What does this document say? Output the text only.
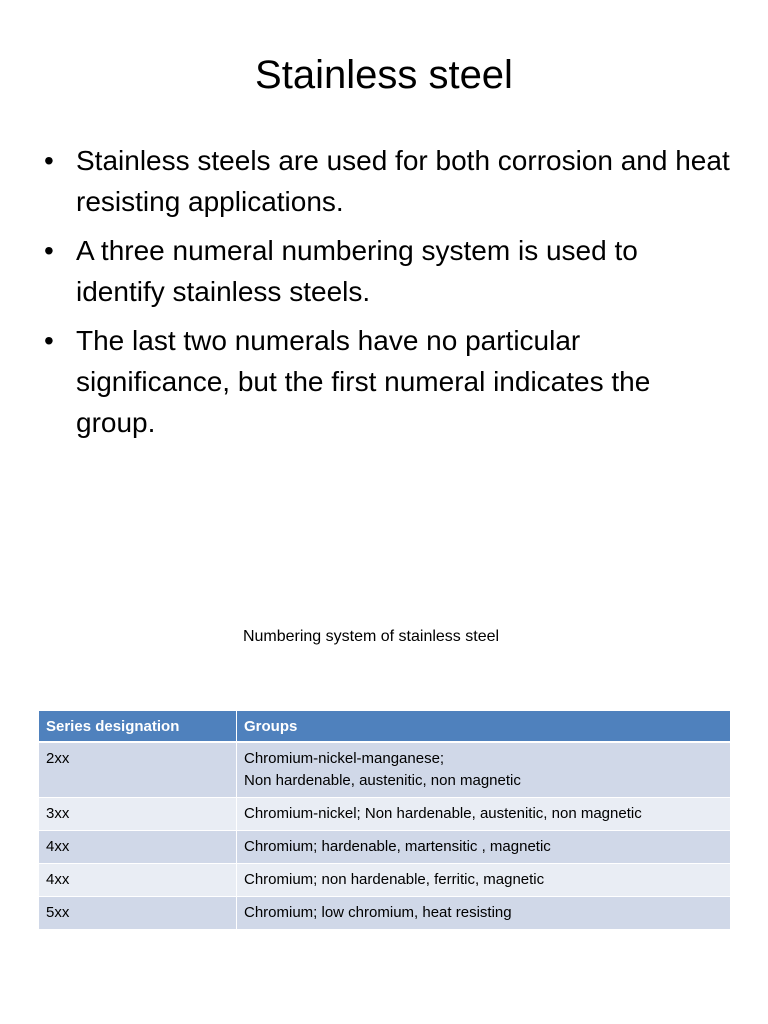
Stainless steel
• Stainless steels are used for both corrosion and heat resisting applications.
• A three numeral numbering system is used to identify stainless steels.
• The last two numerals have no particular significance, but the first numeral indicates the group.
Numbering system of stainless steel
Series designation	Groups
2xx	Chromium-nickel-manganese;
Non hardenable, austenitic, non magnetic

3xx	Chromium-nickel; Non hardenable, austenitic, non magnetic

4xx	Chromium; hardenable, martensitic , magnetic

4xx	Chromium; non hardenable, ferritic, magnetic

5xx	Chromium; low chromium, heat resisting
